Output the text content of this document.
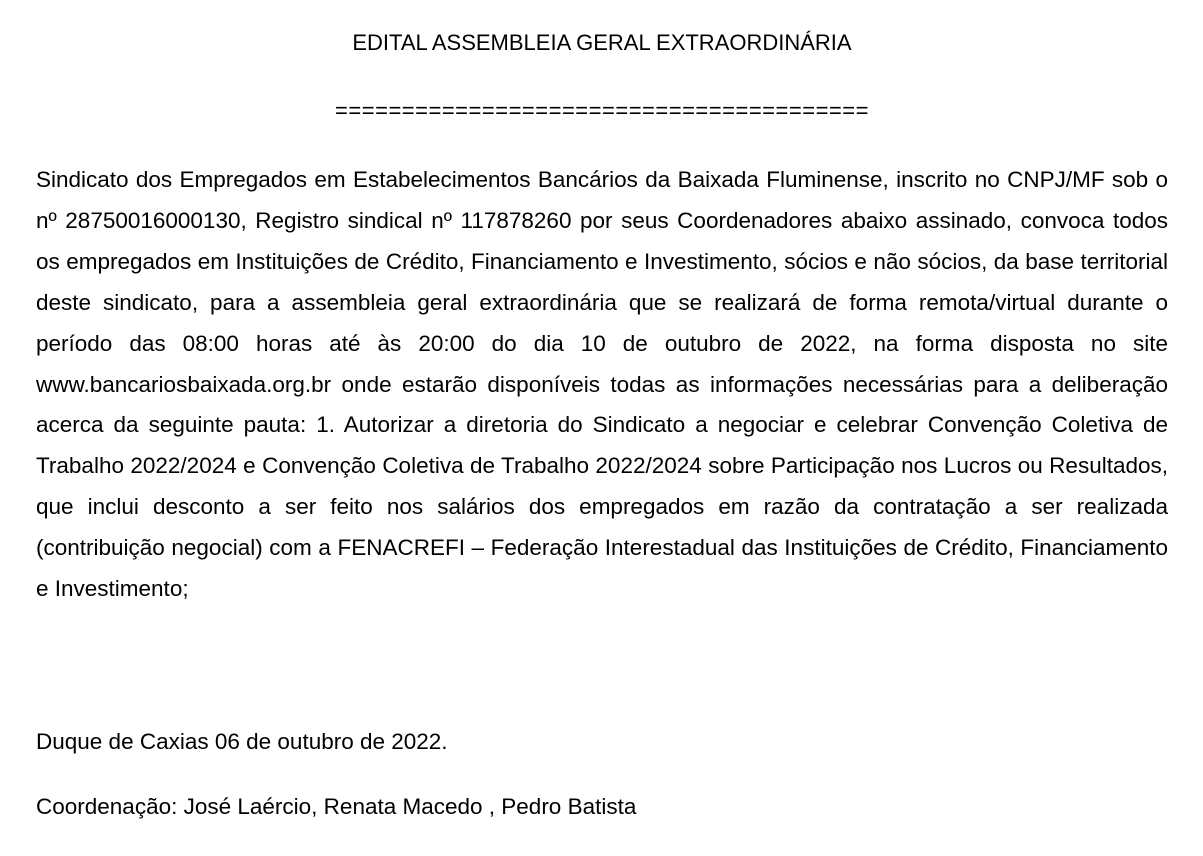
EDITAL ASSEMBLEIA GERAL EXTRAORDINÁRIA
========================================

Sindicato dos Empregados em Estabelecimentos Bancários da Baixada Fluminense, inscrito no CNPJ/MF sob o nº 28750016000130, Registro sindical nº 117878260 por seus Coordenadores abaixo assinado, convoca todos os empregados em Instituições de Crédito, Financiamento e Investimento, sócios e não sócios, da base territorial deste sindicato, para a assembleia geral extraordinária que se realizará de forma remota/virtual durante o período das 08:00 horas até às 20:00 do dia 10 de outubro de 2022, na forma disposta no site www.bancariosbaixada.org.br onde estarão disponíveis todas as informações necessárias para a deliberação acerca da seguinte pauta: 1. Autorizar a diretoria do Sindicato a negociar e celebrar Convenção Coletiva de Trabalho 2022/2024 e Convenção Coletiva de Trabalho 2022/2024 sobre Participação nos Lucros ou Resultados, que inclui desconto a ser feito nos salários dos empregados em razão da contratação a ser realizada (contribuição negocial) com a FENACREFI – Federação Interestadual das Instituições de Crédito, Financiamento e Investimento;

Duque de Caxias 06 de outubro de 2022.

Coordenação: José Laércio, Renata Macedo , Pedro Batista
